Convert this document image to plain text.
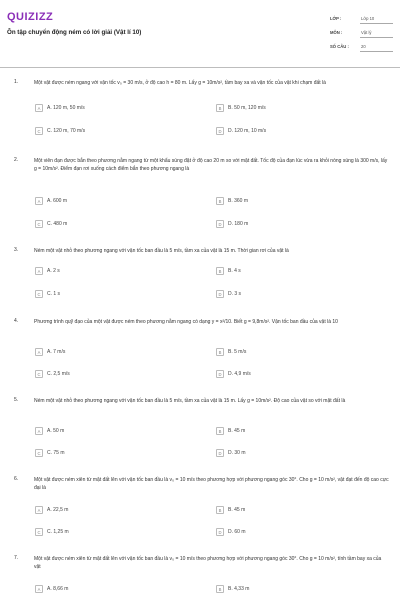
QUIZIZZ
Ôn tập chuyển động ném có lời giải (Vật lí 10)
LỚP :	Lớp 10
MÔN :	Vật lý
SỐ CÂU :	20
1.	Một vật được ném ngang với vận tốc v₀ = 30 m/s, ở độ cao h = 80 m. Lấy g = 10m/s², tầm bay xa và vận tốc của vật khi chạm đất là
A	A. 120 m, 50 m/s	B	B. 50 m, 120 m/s
C	C. 120 m, 70 m/s	D	D. 120 m, 10 m/s
2.	Một viên đạn được bắn theo phương nằm ngang từ một khẩu súng đặt ở độ cao 20 m so với mặt đất. Tốc độ của đạn lúc vừa ra khỏi nòng súng là 300 m/s, lấy g = 10m/s². Điểm đạn rơi xuống cách điểm bắn theo phương ngang là
A	A. 600 m	B	B. 360 m
C	C. 480 m	D	D. 180 m
3.	Ném một vật nhỏ theo phương ngang với vận tốc ban đầu là 5 m/s, tầm xa của vật là 15 m. Thời gian rơi của vật là
A	A. 2 s	B	B. 4 s
C	C. 1 s	D	D. 3 s
4.	Phương trình quỹ đạo của một vật được ném theo phương nằm ngang có dạng y = x²/10. Biết g = 9,8m/s². Vận tốc ban đầu của vật là 10
A	A. 7 m/s	B	B. 5 m/s
C	C. 2,5 m/s	D	D. 4,9 m/s
5.	Ném một vật nhỏ theo phương ngang với vận tốc ban đầu là 5 m/s, tầm xa của vật là 15 m. Lấy g = 10m/s². Độ cao của vật so với mặt đất là
A	A. 50 m	B	B. 45 m
C	C. 75 m	D	D. 30 m
6.	Một vật được ném xiên từ mặt đất lên với vận tốc ban đầu là v₀ = 10 m/s theo phương hợp với phương ngang góc 30°. Cho g = 10 m/s², vật đạt đến độ cao cực đại là
A	A. 22,5 m	B	B. 45 m
C	C. 1,25 m	D	D. 60 m
7.	Một vật được ném xiên từ mặt đất lên với vận tốc ban đầu là v₀ = 10 m/s theo phương hợp với phương ngang góc 30°. Cho g = 10 m/s², tính tầm bay xa của vật
A	A. 8,66 m	B	B. 4,33 m
